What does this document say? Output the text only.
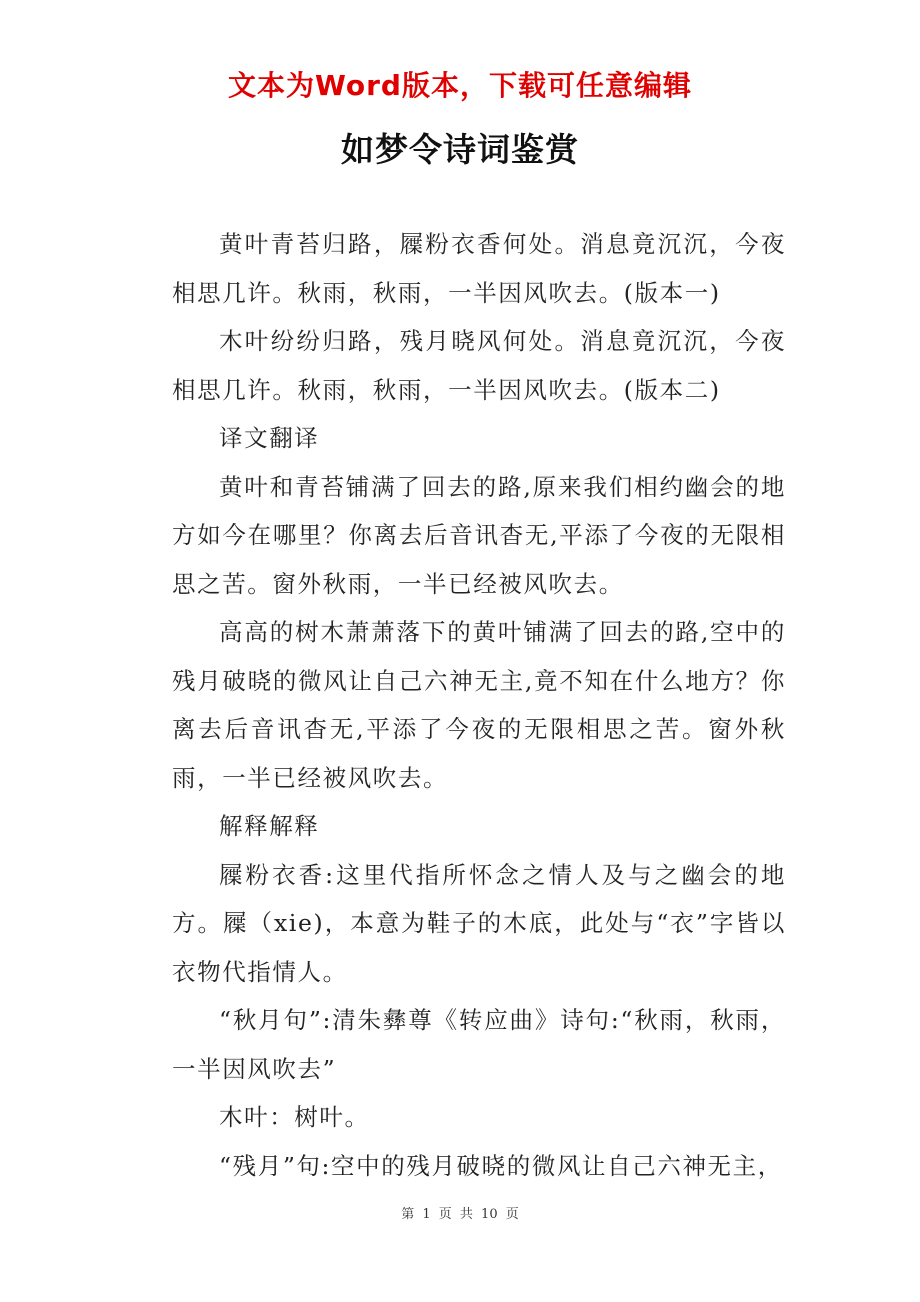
文本为Word版本，下载可任意编辑
如梦令诗词鉴赏

黄叶青苔归路，屧粉衣香何处。消息竟沉沉，今夜相思几许。秋雨，秋雨，一半因风吹去。(版本一)

木叶纷纷归路，残月晓风何处。消息竟沉沉，今夜相思几许。秋雨，秋雨，一半因风吹去。(版本二)

译文翻译

黄叶和青苔铺满了回去的路,原来我们相约幽会的地方如今在哪里？你离去后音讯杳无,平添了今夜的无限相思之苦。窗外秋雨，一半已经被风吹去。

高高的树木萧萧落下的黄叶铺满了回去的路,空中的残月破晓的微风让自己六神无主,竟不知在什么地方？你离去后音讯杳无,平添了今夜的无限相思之苦。窗外秋雨，一半已经被风吹去。

解释解释

屧粉衣香:这里代指所怀念之情人及与之幽会的地方。屧（xie)，本意为鞋子的木底，此处与“衣”字皆以衣物代指情人。

“秋月句”:清朱彝尊《转应曲》诗句:“秋雨，秋雨，一半因风吹去”

木叶：树叶。

“残月”句:空中的残月破晓的微风让自己六神无主，

第 1 页 共 10 页
